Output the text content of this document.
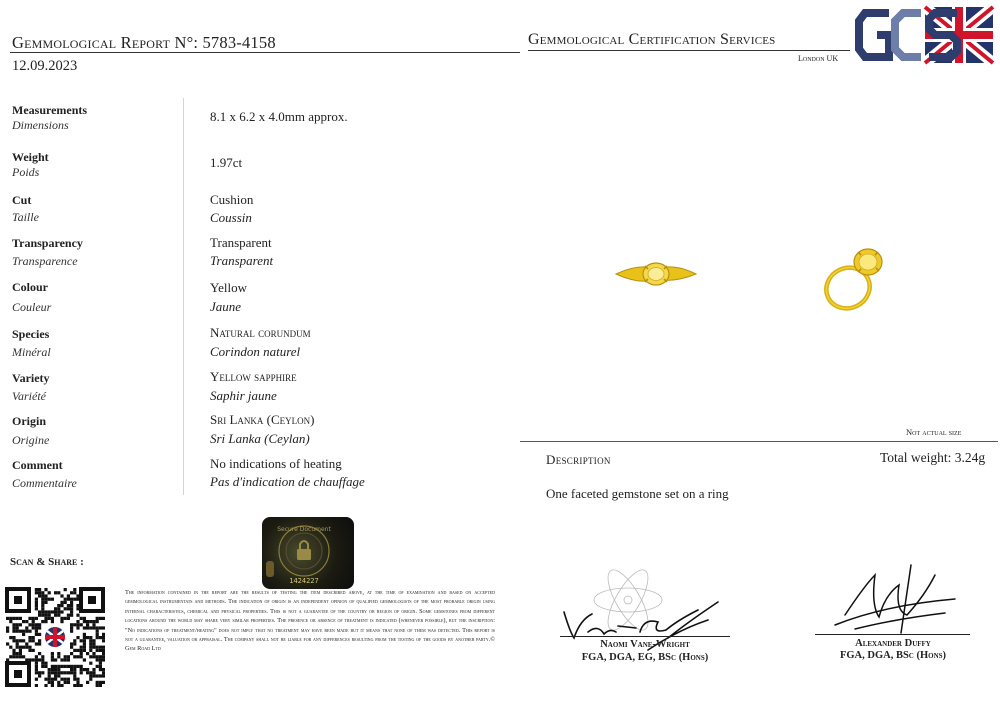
Gemmological Report N°: 5783-4158
12.09.2023
Gemmological Certification Services
London UK
Measurements
Dimensions
8.1 x 6.2 x 4.0mm approx.
Weight
Poids
1.97ct
Cut
Taille
Cushion
Coussin
Transparency
Transparence
Transparent
Transparent
Colour
Couleur
Yellow
Jaune
Species
Minéral
Natural corundum
Corindon naturel
Variety
Variété
Yellow sapphire
Saphir jaune
Origin
Origine
Sri Lanka (Ceylon)
Sri Lanka (Ceylan)
Comment
Commentaire
No indications of heating
Pas d'indication de chauffage
Not actual size
Description	Total weight: 3.24g
One faceted gemstone set on a ring
Scan & Share :
Secure Document
1424227
The information contained in the report are the results of testing the item described above, at the time of examination and based on accepted gemmological instrumentats and methods. The indication of origin is an independent opinion of qualified gemmologists of the most probable origin using internal characteristics, chemical and physical properties. This is not a guarantee of the country or region of origin. Some gemstones from different locations around the world may share very similar properties. The presence or absence of treatment is indicated (whenever possible), but the inscription: "No indications of treatment/heating" does not imply that no treatment may have been made but it means that none of them was detected. This report is not a guarantee, valuation or appraisal. The company shall not be liable for any differences resulting from the testing of the goods by another party.© Gem Road Ltd	Naomi Vane-Wright
FGA, DGA, EG, BSc (Hons)
Alexander Duffy
FGA, DGA, BSc (Hons)
